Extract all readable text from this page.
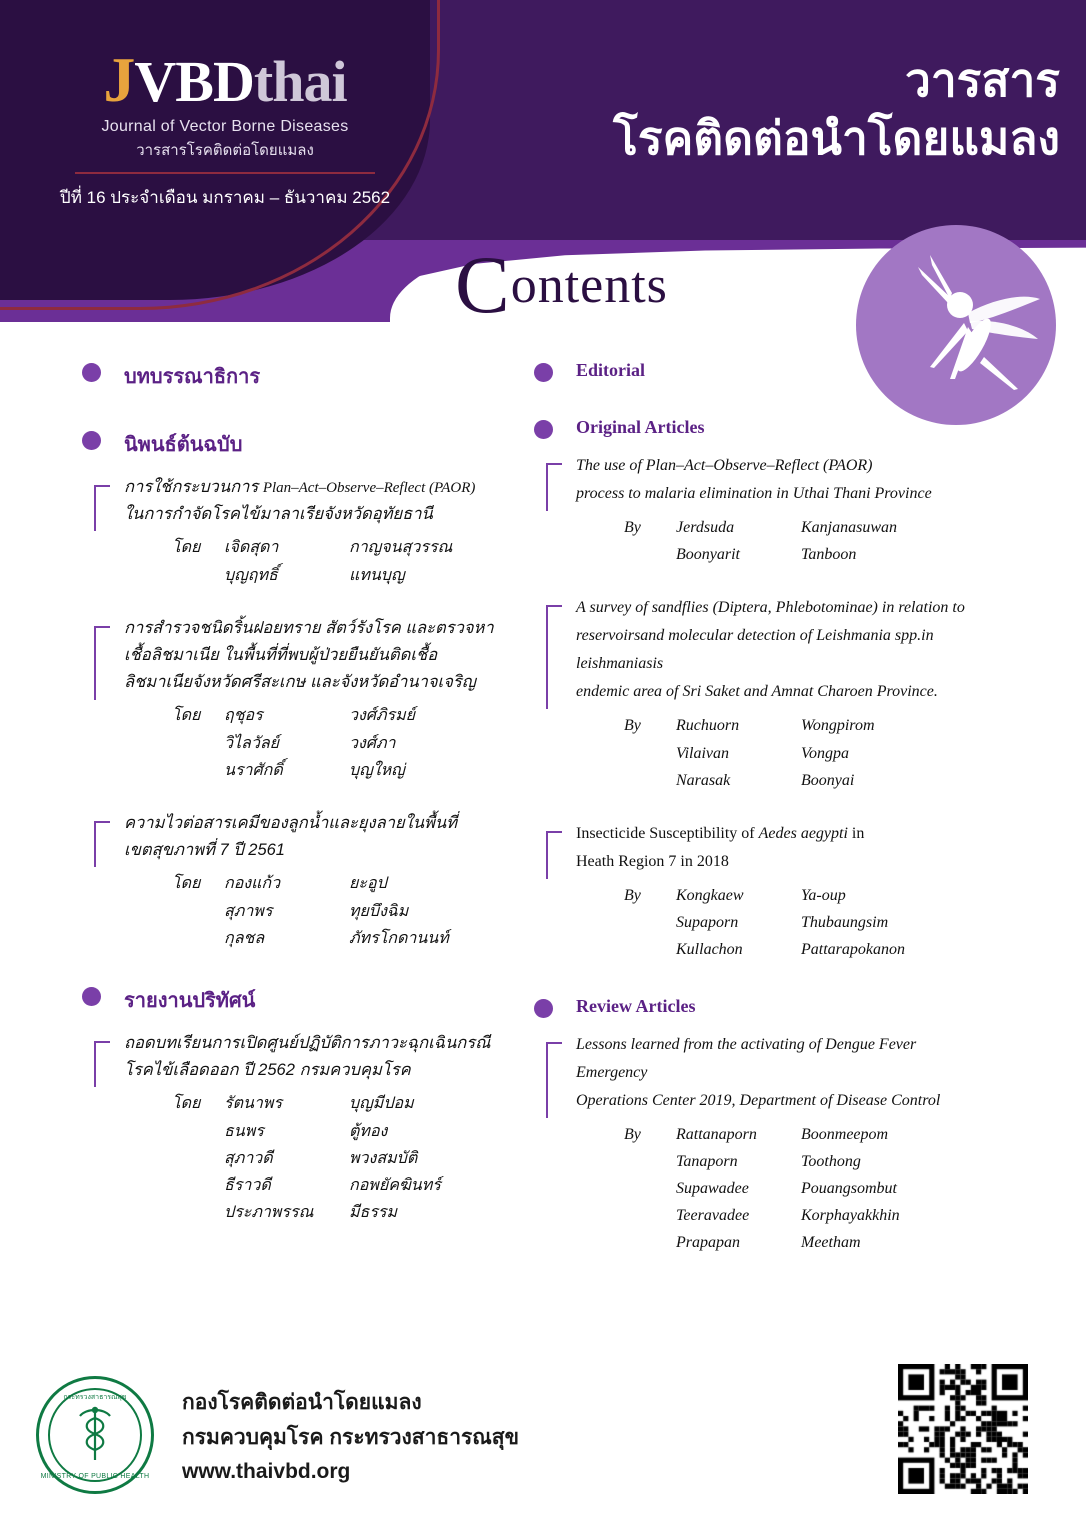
JVBDthai
Journal of Vector Borne Diseases
วารสารโรคติดต่อโดยแมลง
ปีที่ 16 ประจำเดือน มกราคม – ธันวาคม 2562
วารสาร
โรคติดต่อนำโดยแมลง
Contents
บทบรรณาธิการ
นิพนธ์ต้นฉบับ
การใช้กระบวนการ Plan–Act–Observe–Reflect (PAOR)
ในการกำจัดโรคไข้มาลาเรียจังหวัดอุทัยธานี
โดย	เจิดสุดา	กาญจนสุวรรณ
บุญฤทธิ์	แทนบุญ
การสำรวจชนิดริ้นฝอยทราย สัตว์รังโรค และตรวจหา
เชื้อลิชมาเนีย ในพื้นที่ที่พบผู้ป่วยยืนยันติดเชื้อ
ลิชมาเนียจังหวัดศรีสะเกษ และจังหวัดอำนาจเจริญ
โดย	ฤชุอร	วงศ์ภิรมย์
วิไลวัลย์	วงศ์ภา
นราศักดิ์	บุญใหญ่
ความไวต่อสารเคมีของลูกน้ำและยุงลายในพื้นที่
เขตสุขภาพที่ 7 ปี 2561
โดย	กองแก้ว	ยะอูป
สุภาพร	ทุยบึงฉิม
กุลชล	ภัทรโกดานนท์
รายงานปริทัศน์
ถอดบทเรียนการเปิดศูนย์ปฏิบัติการภาวะฉุกเฉินกรณี
โรคไข้เลือดออก ปี 2562 กรมควบคุมโรค
โดย	รัตนาพร	บุญมีปอม
ธนพร	ตู้ทอง
สุภาวดี	พวงสมบัติ
ธีราวดี	กอพยัคฆินทร์
ประภาพรรณ	มีธรรม
Editorial
Original Articles
The use of Plan–Act–Observe–Reflect (PAOR)
process to malaria elimination in Uthai Thani Province
By	Jerdsuda	Kanjanasuwan
Boonyarit	Tanboon
A survey of sandflies (Diptera, Phlebotominae) in relation to
reservoirsand molecular detection of Leishmania spp.in leishmaniasis
endemic area of Sri Saket and Amnat Charoen Province.
By	Ruchuorn	Wongpirom
Vilaivan	Vongpa
Narasak	Boonyai
Insecticide Susceptibility of Aedes aegypti in
Heath Region 7 in 2018
By	Kongkaew	Ya-oup
Supaporn	Thubaungsim
Kullachon	Pattarapokanon
Review Articles
Lessons learned from the activating of Dengue Fever Emergency
Operations Center 2019, Department of Disease Control
By	Rattanaporn	Boonmeepom
Tanaporn	Toothong
Supawadee	Pouangsombut
Teeravadee	Korphayakkhin
Prapapan	Meetham
กระทรวงสาธารณสุข
MINISTRY OF PUBLIC HEALTH
กองโรคติดต่อนำโดยแมลง
กรมควบคุมโรค กระทรวงสาธารณสุข
www.thaivbd.org
